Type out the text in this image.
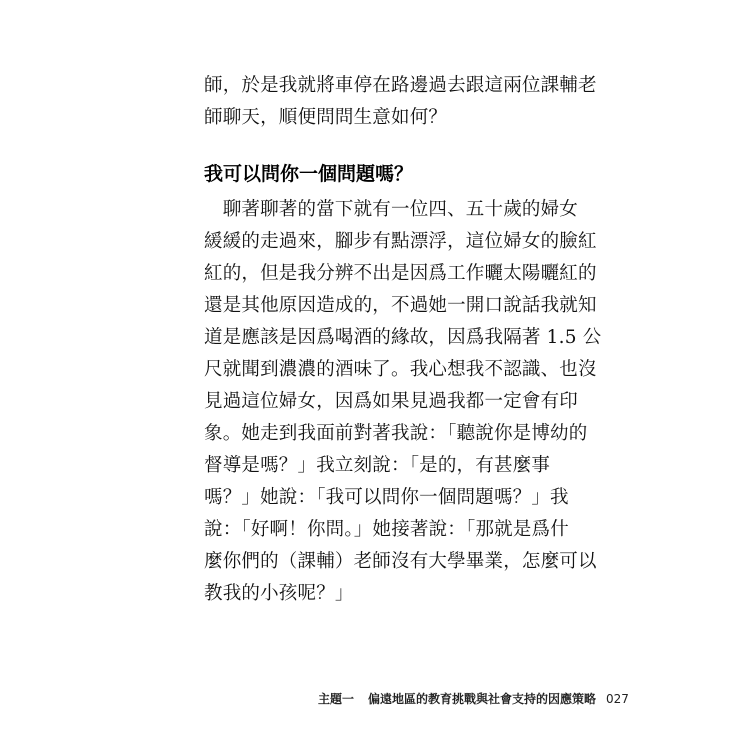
師，於是我就將車停在路邊過去跟這兩位課輔老
師聊天，順便問問生意如何？
我可以問你一個問題嗎？
　聊著聊著的當下就有一位四、五十歲的婦女
緩緩的走過來，腳步有點漂浮，這位婦女的臉紅
紅的，但是我分辨不出是因爲工作曬太陽曬紅的
還是其他原因造成的，不過她一開口說話我就知
道是應該是因爲喝酒的緣故，因爲我隔著 1.5 公
尺就聞到濃濃的酒味了。我心想我不認識、也沒
見過這位婦女，因爲如果見過我都一定會有印
象。她走到我面前對著我說：「聽說你是博幼的
督導是嗎？」我立刻說：「是的，有甚麼事
嗎？」她說：「我可以問你一個問題嗎？」我
說：「好啊！你問。」她接著說：「那就是爲什
麼你們的（課輔）老師沒有大學畢業，怎麼可以
教我的小孩呢？」
主題一 偏遠地區的教育挑戰與社會支持的因應策略 027
